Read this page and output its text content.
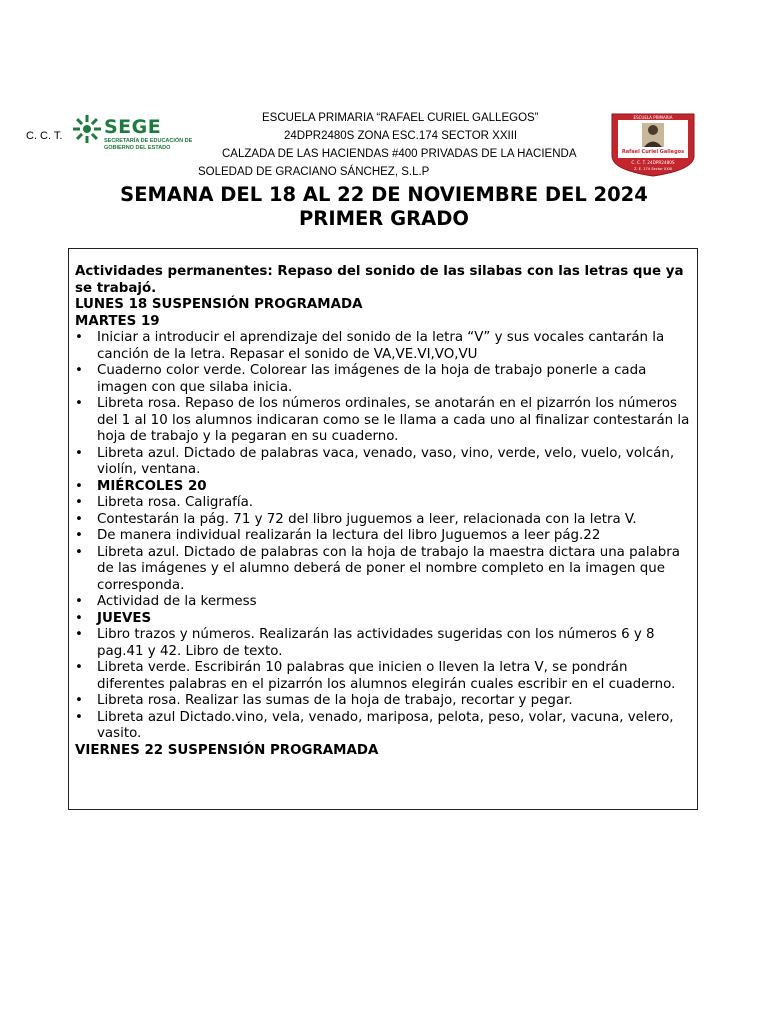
C. C. T. SEGE
SECRETARÍA DE EDUCACIÓN DE GOBIERNO DEL ESTADO
ESCUELA PRIMARIA “RAFAEL CURIEL GALLEGOS”
24DPR2480S ZONA ESC.174 SECTOR XXIII
CALZADA DE LAS HACIENDAS #400 PRIVADAS DE LA HACIENDA
SOLEDAD DE GRACIANO SÁNCHEZ, S.L.P
ESCUELA PRIMARIA
Rafael Curiel Gallegos
C. C. T. 24DPR2480S
Z. E. 174 Sector XXIII
SEMANA DEL 18 AL 22 DE NOVIEMBRE DEL 2024
PRIMER GRADO

Actividades permanentes: Repaso del sonido de las silabas con las letras que ya se trabajó.

LUNES 18 SUSPENSIÓN PROGRAMADA

MARTES 19

• Iniciar a introducir el aprendizaje del sonido de la letra “V” y sus vocales cantarán la canción de la letra. Repasar el sonido de VA,VE.VI,VO,VU
• Cuaderno color verde. Colorear las imágenes de la hoja de trabajo ponerle a cada imagen con que silaba inicia.
• Libreta rosa. Repaso de los números ordinales, se anotarán en el pizarrón los números del 1 al 10 los alumnos indicaran como se le llama a cada uno al finalizar contestarán la hoja de trabajo y la pegaran en su cuaderno.
• Libreta azul. Dictado de palabras vaca, venado, vaso, vino, verde, velo, vuelo, volcán, violín, ventana.
• MIÉRCOLES 20
• Libreta rosa. Caligrafía.
• Contestarán la pág. 71 y 72 del libro juguemos a leer, relacionada con la letra V.
• De manera individual realizarán la lectura del libro Juguemos a leer pág.22
• Libreta azul. Dictado de palabras con la hoja de trabajo la maestra dictara una palabra de las imágenes y el alumno deberá de poner el nombre completo en la imagen que corresponda.
• Actividad de la kermess
• JUEVES
• Libro trazos y números. Realizarán las actividades sugeridas con los números 6 y 8 pag.41 y 42. Libro de texto.
• Libreta verde. Escribirán 10 palabras que inicien o lleven la letra V, se pondrán diferentes palabras en el pizarrón los alumnos elegirán cuales escribir en el cuaderno.
• Libreta rosa. Realizar las sumas de la hoja de trabajo, recortar y pegar.
• Libreta azul Dictado.vino, vela, venado, mariposa, pelota, peso, volar, vacuna, velero, vasito.

VIERNES 22 SUSPENSIÓN PROGRAMADA
